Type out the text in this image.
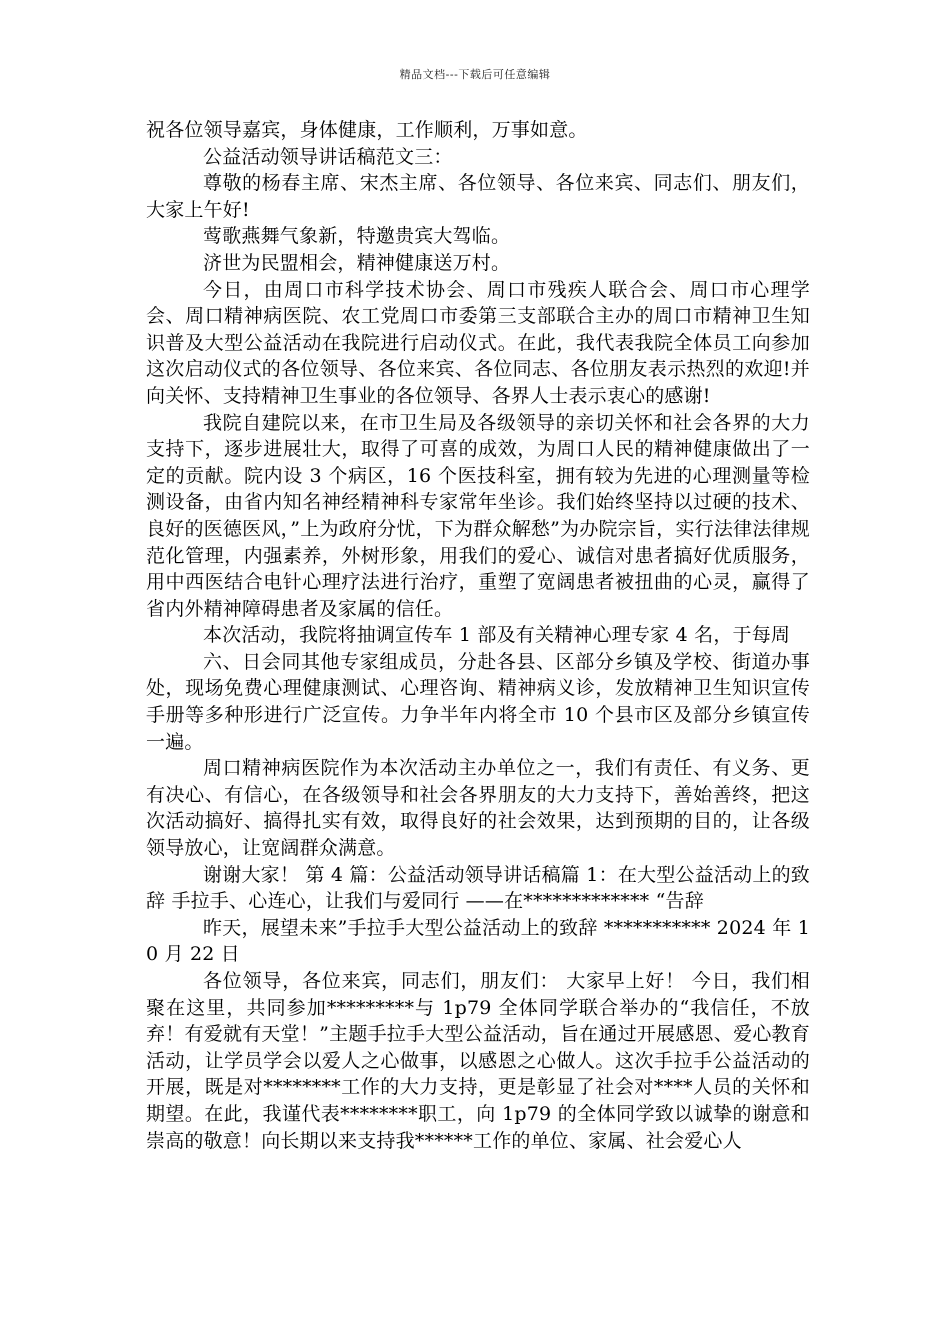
精品文档---下载后可任意编辑

祝各位领导嘉宾，身体健康，工作顺利，万事如意。

公益活动领导讲话稿范文三：

尊敬的杨春主席、宋杰主席、各位领导、各位来宾、同志们、朋友们，大家上午好!

莺歌燕舞气象新，特邀贵宾大驾临。

济世为民盟相会，精神健康送万村。

今日，由周口市科学技术协会、周口市残疾人联合会、周口市心理学会、周口精神病医院、农工党周口市委第三支部联合主办的周口市精神卫生知识普及大型公益活动在我院进行启动仪式。在此，我代表我院全体员工向参加这次启动仪式的各位领导、各位来宾、各位同志、各位朋友表示热烈的欢迎!并向关怀、支持精神卫生事业的各位领导、各界人士表示衷心的感谢!

我院自建院以来，在市卫生局及各级领导的亲切关怀和社会各界的大力支持下，逐步进展壮大，取得了可喜的成效，为周口人民的精神健康做出了一定的贡献。院内设 3 个病区，16 个医技科室，拥有较为先进的心理测量等检测设备，由省内知名神经精神科专家常年坐诊。我们始终坚持以过硬的技术、良好的医德医风，”上为政府分忧，下为群众解愁”为办院宗旨，实行法律法律规范化管理，内强素养，外树形象，用我们的爱心、诚信对患者搞好优质服务，用中西医结合电针心理疗法进行治疗，重塑了宽阔患者被扭曲的心灵，赢得了省内外精神障碍患者及家属的信任。

本次活动，我院将抽调宣传车 1 部及有关精神心理专家 4 名，于每周

六、日会同其他专家组成员，分赴各县、区部分乡镇及学校、街道办事处，现场免费心理健康测试、心理咨询、精神病义诊，发放精神卫生知识宣传手册等多种形进行广泛宣传。力争半年内将全市 10 个县市区及部分乡镇宣传一遍。

周口精神病医院作为本次活动主办单位之一，我们有责任、有义务、更有决心、有信心，在各级领导和社会各界朋友的大力支持下，善始善终，把这次活动搞好、搞得扎实有效，取得良好的社会效果，达到预期的目的，让各级领导放心，让宽阔群众满意。

谢谢大家！ 第 4 篇：公益活动领导讲话稿篇 1：在大型公益活动上的致辞 手拉手、心连心，让我们与爱同行 ——在************* “告辞

昨天，展望未来”手拉手大型公益活动上的致辞 *********** 2024 年 10 月 22 日

各位领导，各位来宾，同志们，朋友们： 大家早上好！ 今日，我们相聚在这里，共同参加*********与 1p79 全体同学联合举办的“我信任，不放弃！有爱就有天堂！”主题手拉手大型公益活动，旨在通过开展感恩、爱心教育活动，让学员学会以爱人之心做事，以感恩之心做人。这次手拉手公益活动的开展，既是对********工作的大力支持，更是彰显了社会对****人员的关怀和期望。在此，我谨代表********职工，向 1p79 的全体同学致以诚挚的谢意和崇高的敬意！向长期以来支持我******工作的单位、家属、社会爱心人
